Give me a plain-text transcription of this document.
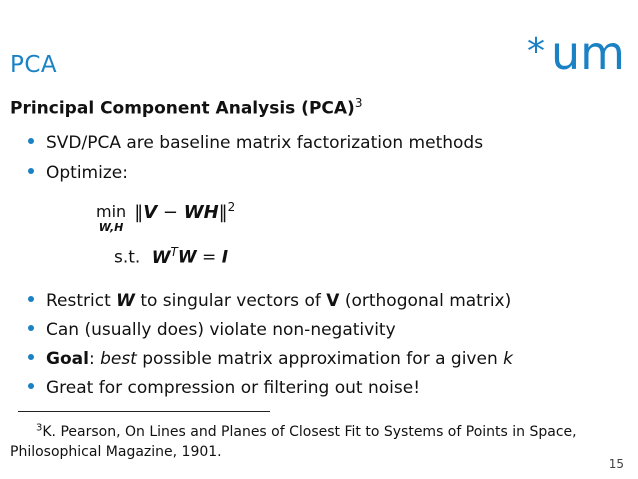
PCA	* um
Principal Component Analysis (PCA)$^3$
SVD/PCA are baseline matrix factorization methods
Optimize:
min
$^{W,H}$ ‖V − WH‖$^2$
s.t. $W^TW = I$
Restrict W to singular vectors of V (orthogonal matrix)
Can (usually does) violate non-negativity
Goal: best possible matrix approximation for a given k
Great for compression or filtering out noise!
$^3$K. Pearson, On Lines and Planes of Closest Fit to Systems of Points in Space,
Philosophical Magazine, 1901.
15
